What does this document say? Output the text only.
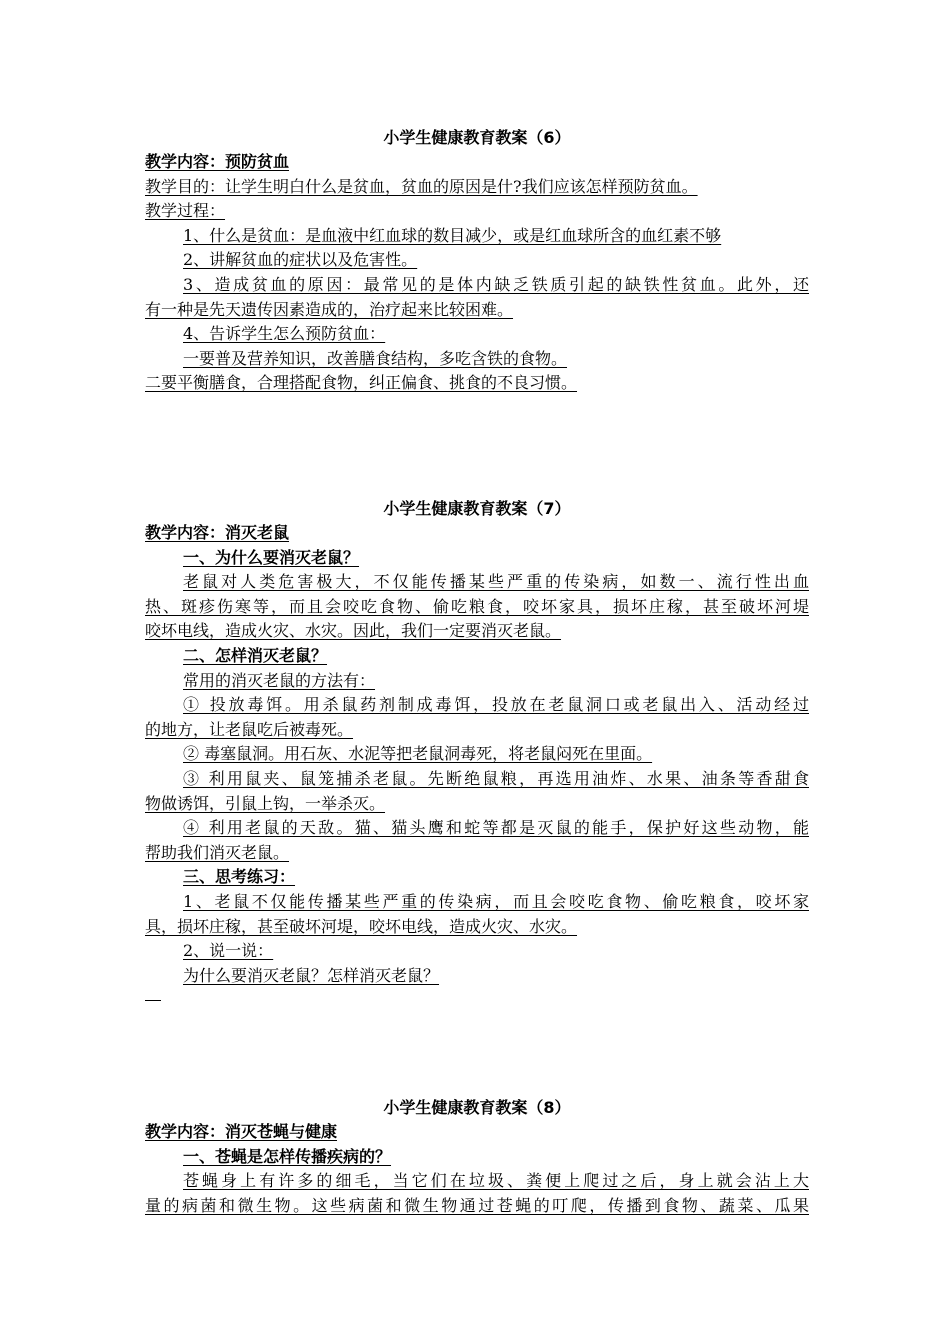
小学生健康教育教案（6）
教学内容：预防贫血
教学目的：让学生明白什么是贫血，贫血的原因是什?我们应该怎样预防贫血。
教学过程：
1、什么是贫血：是血液中红血球的数目减少，或是红血球所含的血红素不够
2、讲解贫血的症状以及危害性。
3、造成贫血的原因：最常见的是体内缺乏铁质引起的缺铁性贫血。此外，还
有一种是先天遗传因素造成的，治疗起来比较困难。
4、告诉学生怎么预防贫血：
一要普及营养知识，改善膳食结构，多吃含铁的食物。
二要平衡膳食，合理搭配食物，纠正偏食、挑食的不良习惯。
小学生健康教育教案（7）
教学内容：消灭老鼠
一、为什么要消灭老鼠？
老鼠对人类危害极大，不仅能传播某些严重的传染病，如数一、流行性出血
热、斑疹伤寒等，而且会咬吃食物、偷吃粮食，咬坏家具，损坏庄稼，甚至破坏河堤
咬坏电线，造成火灾、水灾。因此，我们一定要消灭老鼠。
二、怎样消灭老鼠？
常用的消灭老鼠的方法有：
① 投放毒饵。用杀鼠药剂制成毒饵，投放在老鼠洞口或老鼠出入、活动经过
的地方，让老鼠吃后被毒死。
② 毒塞鼠洞。用石灰、水泥等把老鼠洞毒死，将老鼠闷死在里面。
③ 利用鼠夹、鼠笼捕杀老鼠。先断绝鼠粮，再选用油炸、水果、油条等香甜食
物做诱饵，引鼠上钩，一举杀灭。
④ 利用老鼠的天敌。猫、猫头鹰和蛇等都是灭鼠的能手，保护好这些动物，能
帮助我们消灭老鼠。
三、思考练习：
1、老鼠不仅能传播某些严重的传染病，而且会咬吃食物、偷吃粮食，咬坏家
具，损坏庄稼，甚至破坏河堤，咬坏电线，造成火灾、水灾。
2、说一说：
为什么要消灭老鼠？怎样消灭老鼠？
小学生健康教育教案（8）
教学内容：消灭苍蝇与健康
一、苍蝇是怎样传播疾病的？
苍蝇身上有许多的细毛，当它们在垃圾、粪便上爬过之后，身上就会沾上大
量的病菌和微生物。这些病菌和微生物通过苍蝇的叮爬，传播到食物、蔬菜、瓜果
